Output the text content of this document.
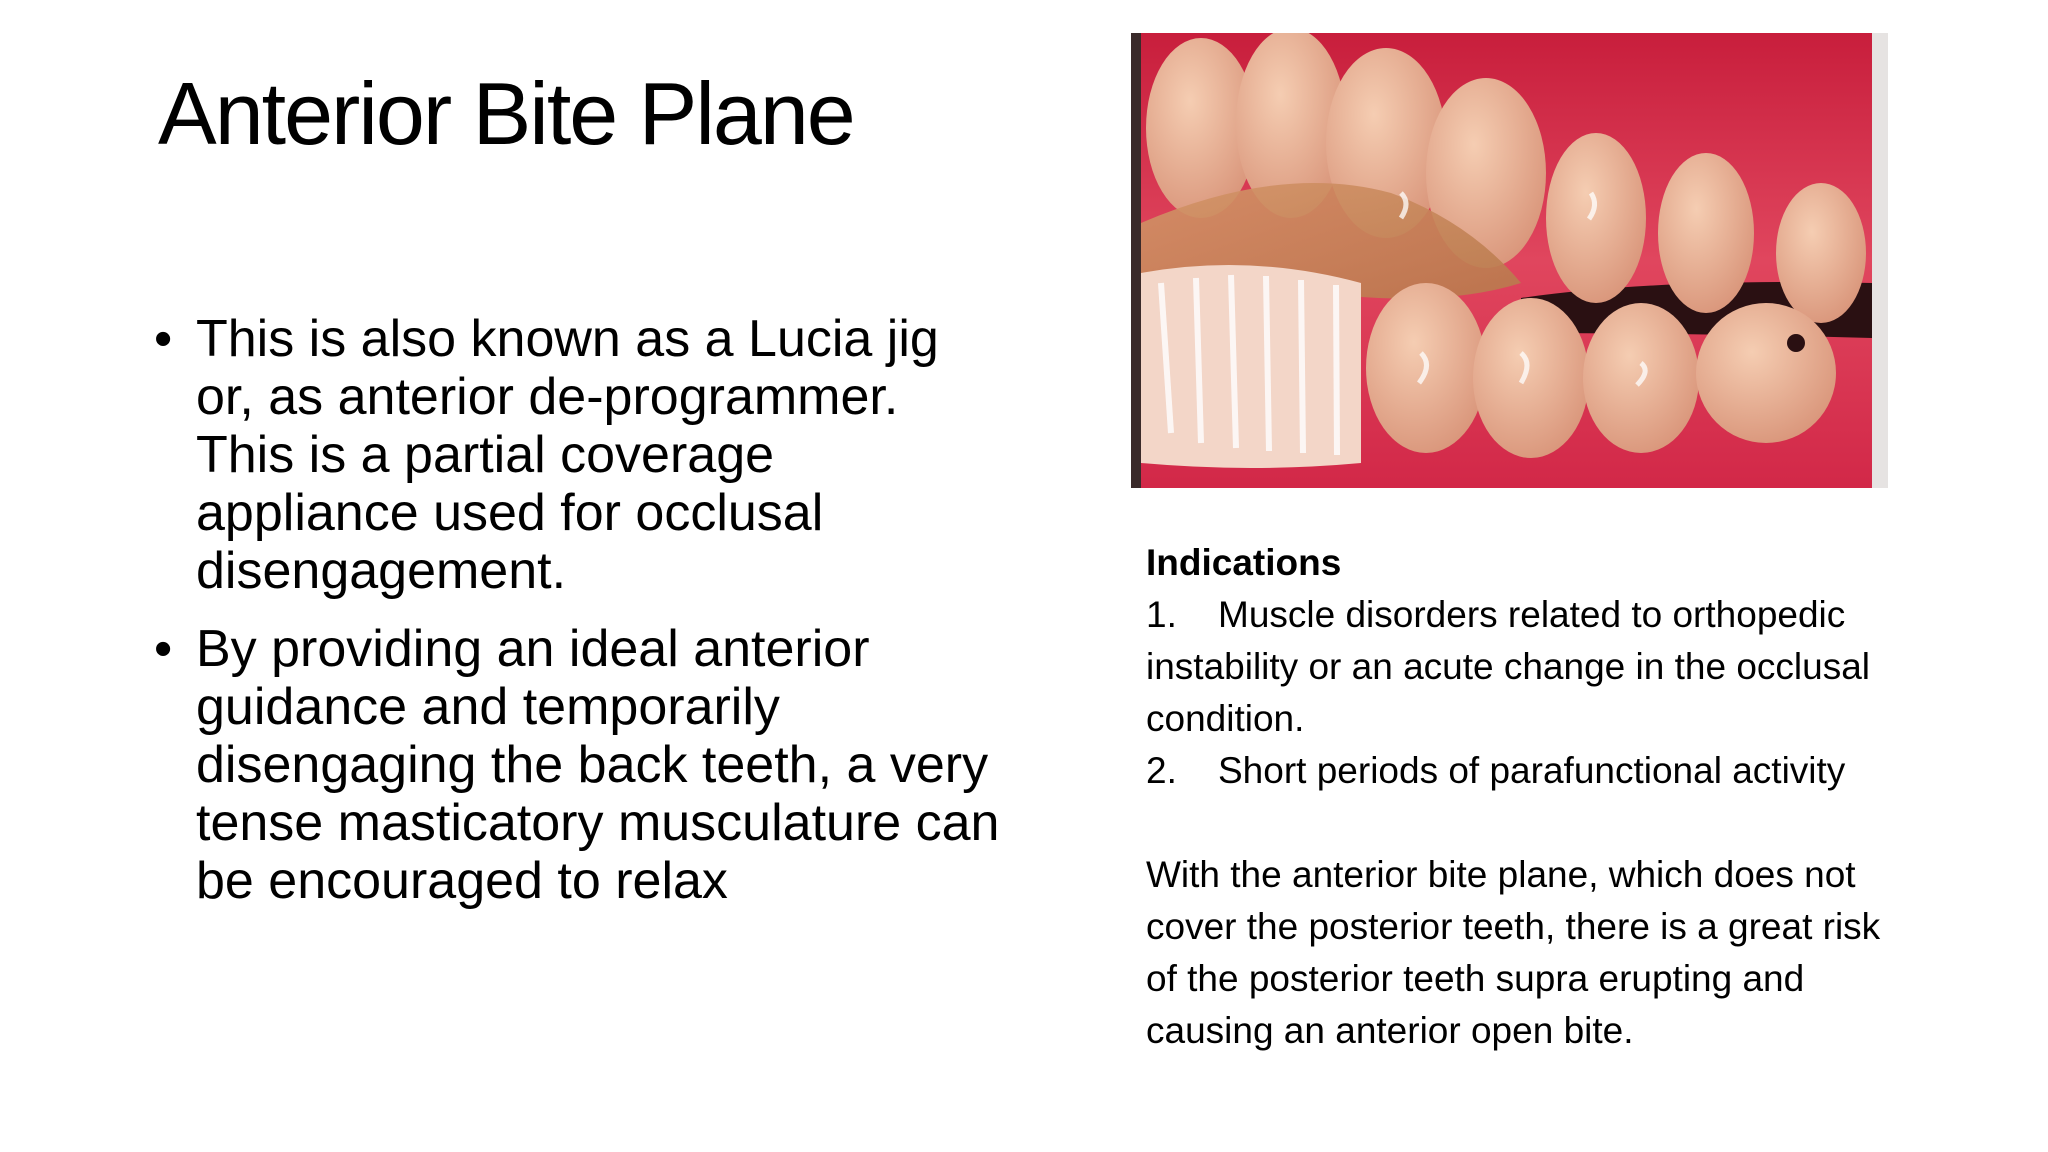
Anterior Bite Plane
• This is also known as a Lucia jig or, as anterior de-programmer. This is a partial coverage appliance used for occlusal disengagement.
• By providing an ideal anterior guidance and temporarily disengaging the back teeth, a very tense masticatory musculature can be encouraged to relax
Indications
1. Muscle disorders related to orthopedic instability or an acute change in the occlusal condition.
2. Short periods of parafunctional activity
With the anterior bite plane, which does not cover the posterior teeth, there is a great risk of the posterior teeth supra erupting and causing an anterior open bite.
